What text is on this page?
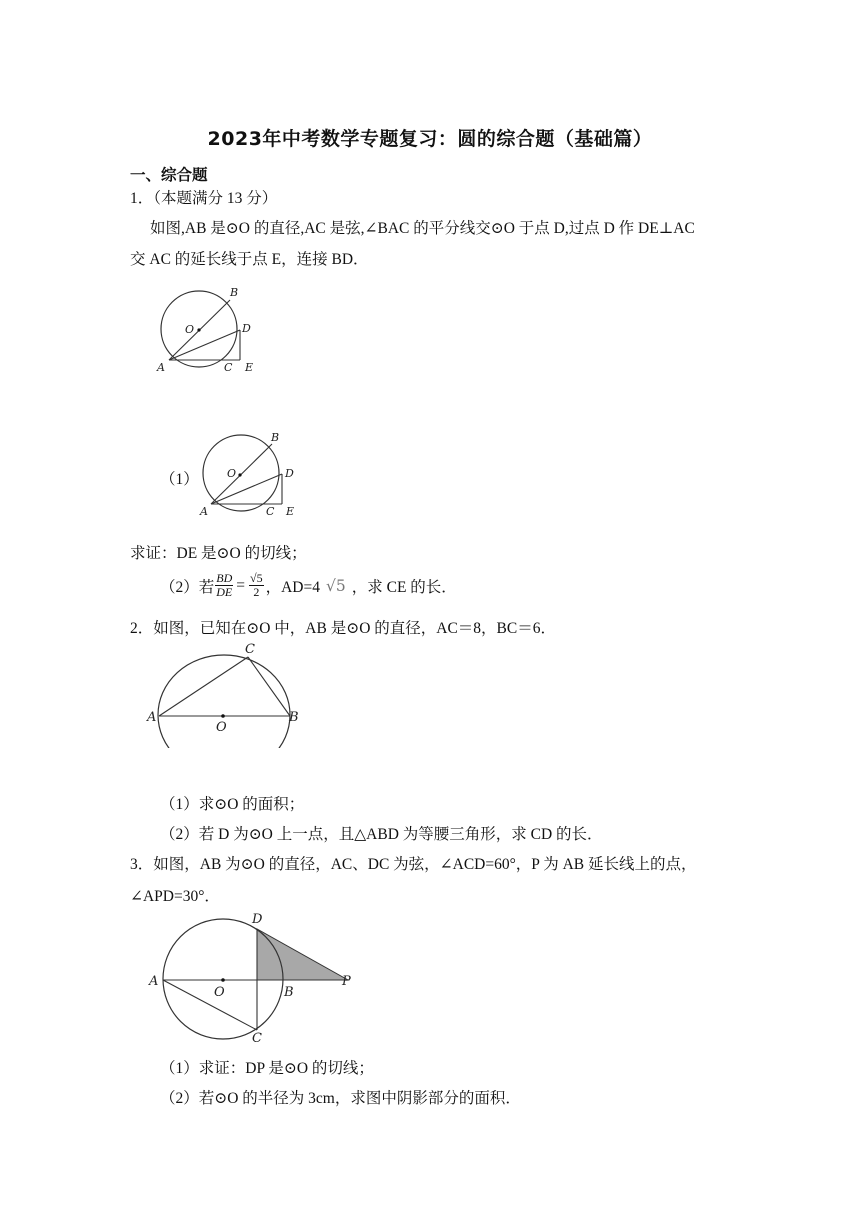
2023年中考数学专题复习：圆的综合题（基础篇）
一、综合题
1．（本题满分 13 分）
如图,AB 是⊙O 的直径,AC 是弦,∠BAC 的平分线交⊙O 于点 D,过点 D 作 DE⊥AC
交 AC 的延长线于点 E，连接 BD．
B
O	D
A	C E
（1）
B
O	D
A	C E
求证：DE 是⊙O 的切线；
（2）若 $\frac{BD}{DE} = \frac{√5}{2}$ ，AD=4 √5 ，求 CE 的长．
2．如图，已知在⊙O 中，AB 是⊙O 的直径，AC＝8，BC＝6．
C
A
O
B
（1）求⊙O 的面积；
（2）若 D 为⊙O 上一点，且△ABD 为等腰三角形，求 CD 的长．
3．如图，AB 为⊙O 的直径，AC、DC 为弦，∠ACD=60°，P 为 AB 延长线上的点，
∠APD=30°．
D
A
O	B
P
C
（1）求证：DP 是⊙O 的切线；
（2）若⊙O 的半径为 3cm，求图中阴影部分的面积．
